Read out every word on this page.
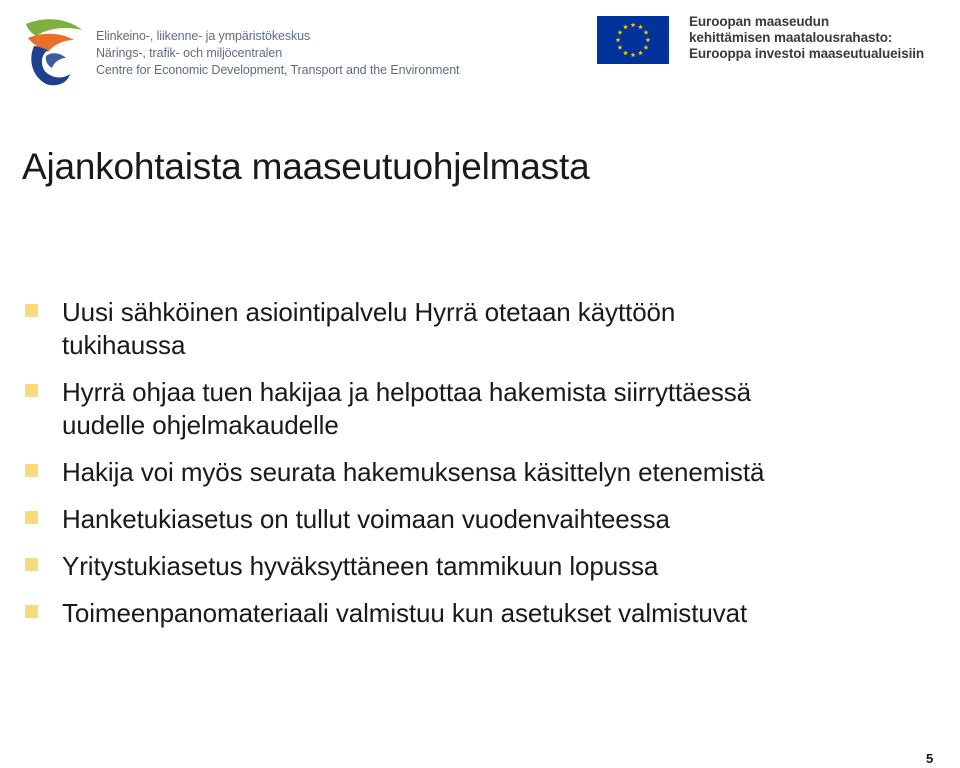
Elinkeino-, liikenne- ja ympäristökeskus
Närings-, trafik- och miljöcentralen
Centre for Economic Development, Transport and the Environment
Euroopan maaseudun
kehittämisen maatalousrahasto:
Eurooppa investoi maaseutualueisiin
Ajankohtaista maaseutuohjelmasta
Uusi sähköinen asiointipalvelu Hyrrä otetaan käyttöön
tukihaussa
Hyrrä ohjaa tuen hakijaa ja helpottaa hakemista siirryttäessä
uudelle ohjelmakaudelle
Hakija voi myös seurata hakemuksensa käsittelyn etenemistä
Hanketukiasetus on tullut voimaan vuodenvaihteessa
Yritystukiasetus hyväksyttäneen tammikuun lopussa
Toimeenpanomateriaali valmistuu kun asetukset valmistuvat
5
